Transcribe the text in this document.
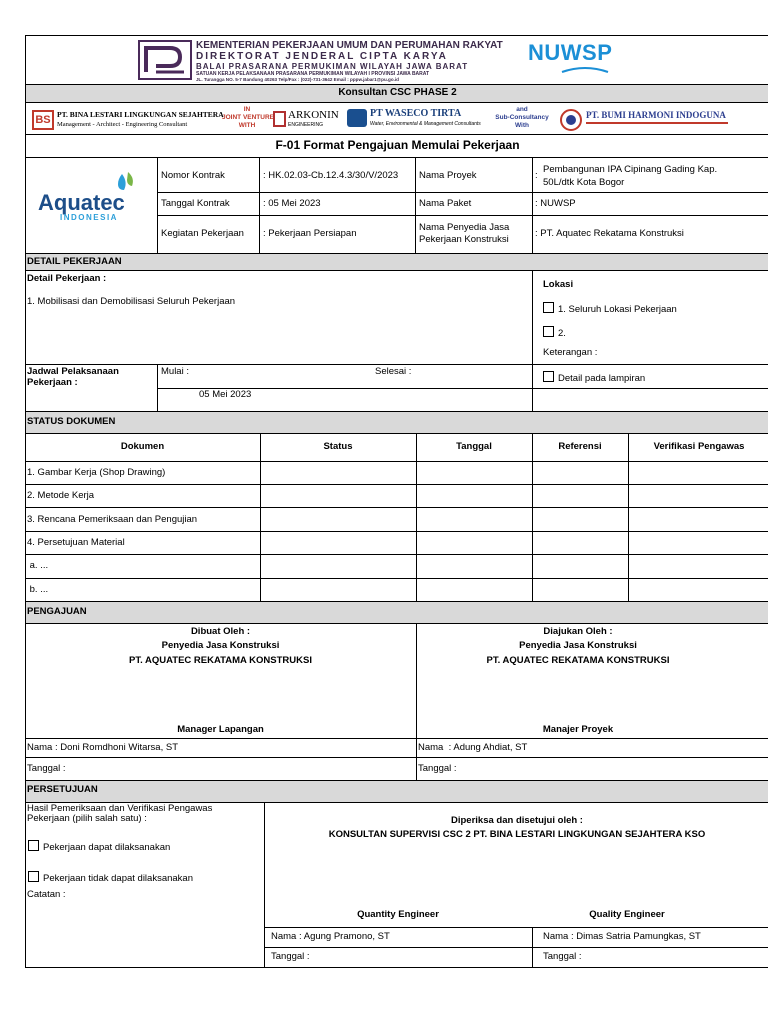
KEMENTERIAN PEKERJAAN UMUM DAN PERUMAHAN RAKYAT
DIREKTORAT JENDERAL CIPTA KARYA
BALAI PRASARANA PERMUKIMAN WILAYAH JAWA BARAT
SATUAN KERJA PELAKSANAAN PRASARANA PERMUKIMAN WILAYAH I PROVINSI JAWA BARAT
JL. Turangga NO. 5-7 Bandung 40263 Telp/Fax : (022)-731-3642 Email : pppw.jabar1@pu.go.id
NUWSP
Konsultan CSC PHASE 2
BS PT. BINA LESTARI LINGKUNGAN SEJAHTERA
Management - Architect - Engineering Consultant
IN
JOINT VENTURE
WITH
ARKONIN
ENGINEERING
PT WASECO TIRTA
Water, Environmental & Management Consultants
and
Sub-Consultancy
With
PT. BUMI HARMONI INDOGUNA
F-01 Format Pengajuan Memulai Pekerjaan
Aquatec
INDONESIA
Nomor Kontrak	: HK.02.03-Cb.12.4.3/30/V/2023
Tanggal Kontrak	: 05 Mei 2023
Kegiatan Pekerjaan : Pekerjaan Persiapan
Nama Proyek	:
Pembangunan IPA Cipinang Gading Kap.
50L/dtk Kota Bogor
Nama Paket	: NUWSP
Nama Penyedia Jasa
Pekerjaan Konstruksi
: PT. Aquatec Rekatama Konstruksi
DETAIL PEKERJAAN
Detail Pekerjaan :
1. Mobilisasi dan Demobilisasi Seluruh Pekerjaan
Lokasi
1. Seluruh Lokasi Pekerjaan
2.
Keterangan :
Detail pada lampiran
Jadwal Pelaksanaan
Pekerjaan :
Mulai :	Selesai :
05 Mei 2023
STATUS DOKUMEN
Dokumen	Status	Tanggal	Referensi	Verifikasi Pengawas
1. Gambar Kerja (Shop Drawing)
2. Metode Kerja
3. Rencana Pemeriksaan dan Pengujian
4. Persetujuan Material
a. ...
b. ...
PENGAJUAN
Dibuat Oleh :
Penyedia Jasa Konstruksi
PT. AQUATEC REKATAMA KONSTRUKSI
Manager Lapangan
Nama : Doni Romdhoni Witarsa, ST
Tanggal :
Diajukan Oleh :
Penyedia Jasa Konstruksi
PT. AQUATEC REKATAMA KONSTRUKSI
Manajer Proyek
Nama  : Adung Ahdiat, ST
Tanggal :
PERSETUJUAN
Hasil Pemeriksaan dan Verifikasi Pengawas
Pekerjaan (pilih salah satu) :
Pekerjaan dapat dilaksanakan
Pekerjaan tidak dapat dilaksanakan
Catatan :
Diperiksa dan disetujui oleh :
KONSULTAN SUPERVISI CSC 2 PT. BINA LESTARI LINGKUNGAN SEJAHTERA KSO
Quantity Engineer	Quality Engineer
Nama : Agung Pramono, ST	Nama : Dimas Satria Pamungkas, ST
Tanggal :	Tanggal :
